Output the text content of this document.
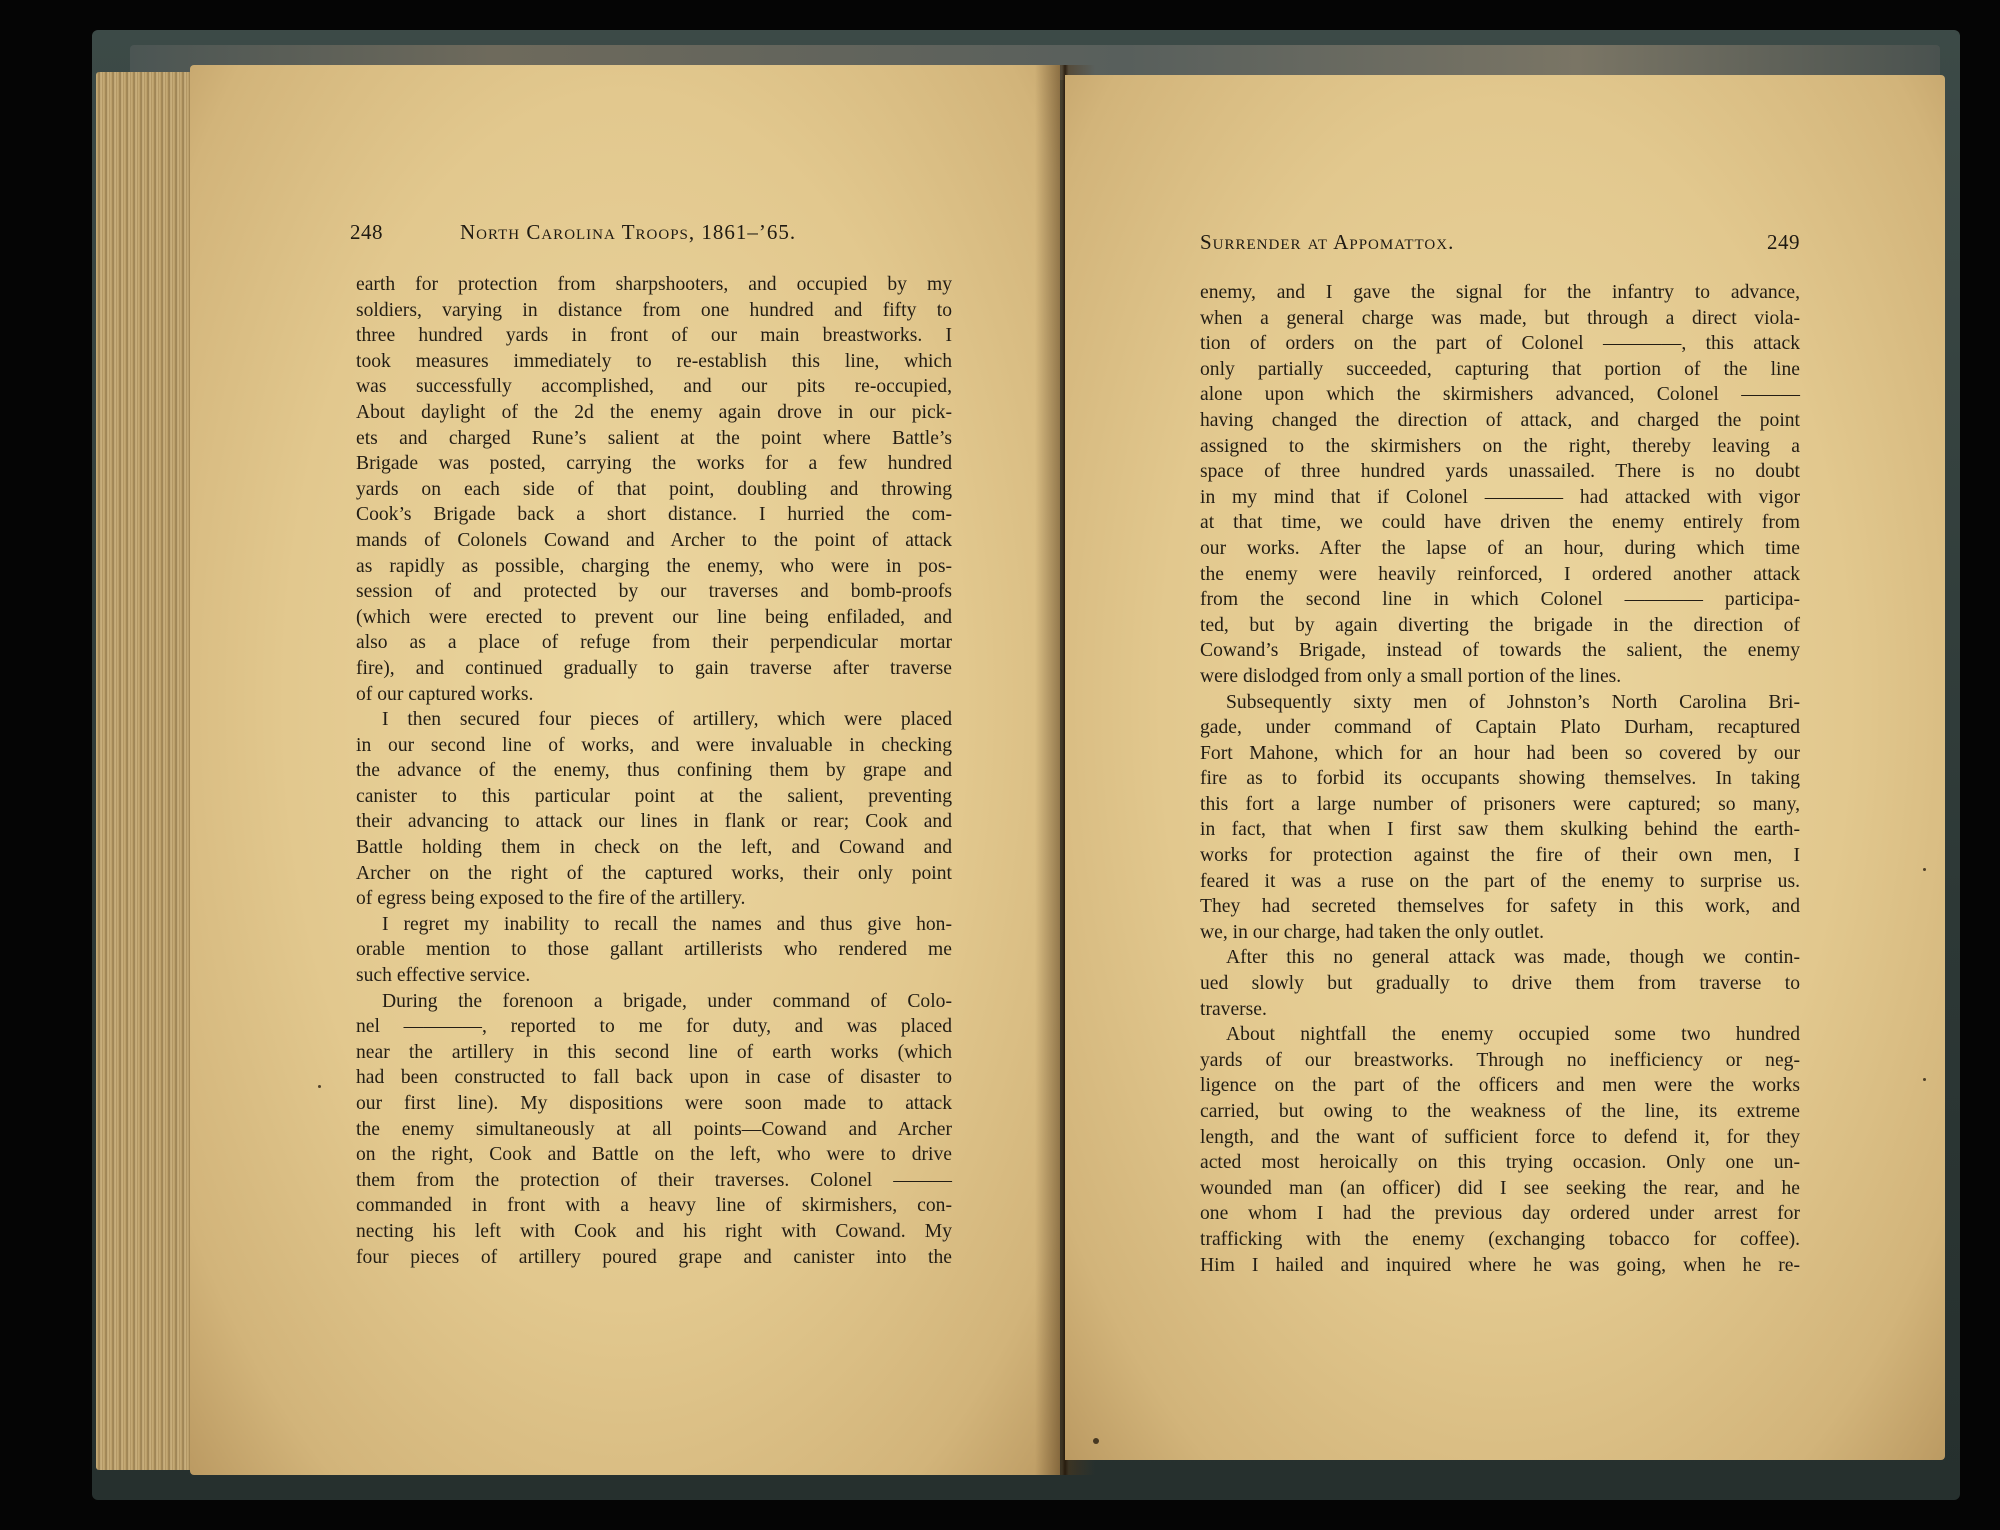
248	North Carolina Troops, 1861–’65.
earth for protection from sharpshooters, and occupied by my
soldiers, varying in distance from one hundred and fifty to
three hundred yards in front of our main breastworks. I
took measures immediately to re-establish this line, which
was successfully accomplished, and our pits re-occupied,
About daylight of the 2d the enemy again drove in our pick-
ets and charged Rune’s salient at the point where Battle’s
Brigade was posted, carrying the works for a few hundred
yards on each side of that point, doubling and throwing
Cook’s Brigade back a short distance. I hurried the com-
mands of Colonels Cowand and Archer to the point of attack
as rapidly as possible, charging the enemy, who were in pos-
session of and protected by our traverses and bomb-proofs
(which were erected to prevent our line being enfiladed, and
also as a place of refuge from their perpendicular mortar
fire), and continued gradually to gain traverse after traverse
of our captured works.
I then secured four pieces of artillery, which were placed
in our second line of works, and were invaluable in checking
the advance of the enemy, thus confining them by grape and
canister to this particular point at the salient, preventing
their advancing to attack our lines in flank or rear; Cook and
Battle holding them in check on the left, and Cowand and
Archer on the right of the captured works, their only point
of egress being exposed to the fire of the artillery.
I regret my inability to recall the names and thus give hon-
orable mention to those gallant artillerists who rendered me
such effective service.
During the forenoon a brigade, under command of Colo-
nel ————, reported to me for duty, and was placed
near the artillery in this second line of earth works (which
had been constructed to fall back upon in case of disaster to
our first line). My dispositions were soon made to attack
the enemy simultaneously at all points—Cowand and Archer
on the right, Cook and Battle on the left, who were to drive
them from the protection of their traverses. Colonel ———
commanded in front with a heavy line of skirmishers, con-
necting his left with Cook and his right with Cowand. My
four pieces of artillery poured grape and canister into the
Surrender at Appomattox.	249
enemy, and I gave the signal for the infantry to advance,
when a general charge was made, but through a direct viola-
tion of orders on the part of Colonel ————, this attack
only partially succeeded, capturing that portion of the line
alone upon which the skirmishers advanced, Colonel ———
having changed the direction of attack, and charged the point
assigned to the skirmishers on the right, thereby leaving a
space of three hundred yards unassailed. There is no doubt
in my mind that if Colonel ———— had attacked with vigor
at that time, we could have driven the enemy entirely from
our works. After the lapse of an hour, during which time
the enemy were heavily reinforced, I ordered another attack
from the second line in which Colonel ———— participa-
ted, but by again diverting the brigade in the direction of
Cowand’s Brigade, instead of towards the salient, the enemy
were dislodged from only a small portion of the lines.
Subsequently sixty men of Johnston’s North Carolina Bri-
gade, under command of Captain Plato Durham, recaptured
Fort Mahone, which for an hour had been so covered by our
fire as to forbid its occupants showing themselves. In taking
this fort a large number of prisoners were captured; so many,
in fact, that when I first saw them skulking behind the earth-
works for protection against the fire of their own men, I
feared it was a ruse on the part of the enemy to surprise us.
They had secreted themselves for safety in this work, and
we, in our charge, had taken the only outlet.
After this no general attack was made, though we contin-
ued slowly but gradually to drive them from traverse to
traverse.
About nightfall the enemy occupied some two hundred
yards of our breastworks. Through no inefficiency or neg-
ligence on the part of the officers and men were the works
carried, but owing to the weakness of the line, its extreme
length, and the want of sufficient force to defend it, for they
acted most heroically on this trying occasion. Only one un-
wounded man (an officer) did I see seeking the rear, and he
one whom I had the previous day ordered under arrest for
trafficking with the enemy (exchanging tobacco for coffee).
Him I hailed and inquired where he was going, when he re-
